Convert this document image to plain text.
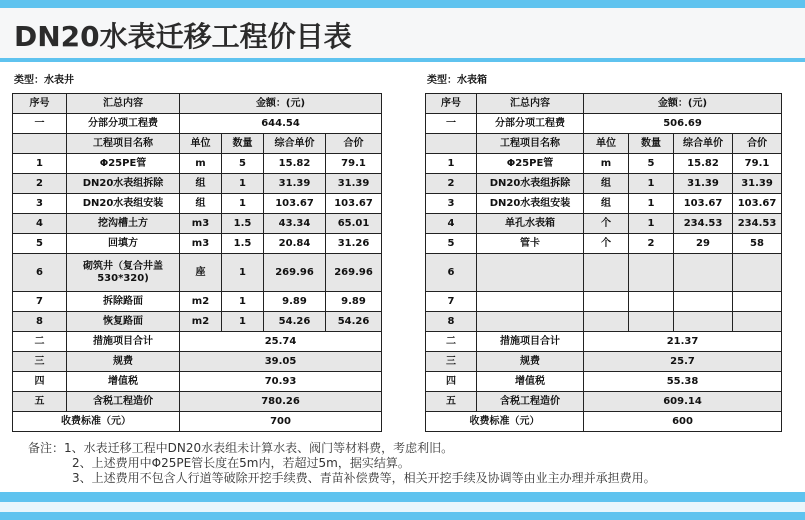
DN20水表迁移工程价目表
类型：水表井	类型：水表箱
序号	汇总内容	金额：(元)			
一	分部分项工程费	644.54			
	工程项目名称	单位	数量	综合单价	合价
1	Φ25PE管	m	5	15.82	79.1
2	DN20水表组拆除	组	1	31.39	31.39
3	DN20水表组安装	组	1	103.67	103.67
4	挖沟槽土方	m3	1.5	43.34	65.01
5	回填方	m3	1.5	20.84	31.26
6	砌筑井（复合井盖530*320)	座	1	269.96	269.96
7	拆除路面	m2	1	9.89	9.89
8	恢复路面	m2	1	54.26	54.26
二	措施项目合计	25.74			
三	规费	39.05			
四	增值税	70.93			
五	含税工程造价	780.26			
收费标准（元）		700			
序号	汇总内容	金额：(元)			
一	分部分项工程费	506.69			
	工程项目名称	单位	数量	综合单价	合价
1	Φ25PE管	m	5	15.82	79.1
2	DN20水表组拆除	组	1	31.39	31.39
3	DN20水表组安装	组	1	103.67	103.67
4	单孔水表箱	个	1	234.53	234.53
5	管卡	个	2	29	58
6					
7					
8					
二	措施项目合计	21.37			
三	规费	25.7			
四	增值税	55.38			
五	含税工程造价	609.14			
收费标准（元）		600			
备注：1、水表迁移工程中DN20水表组未计算水表、阀门等材料费，考虑利旧。
2、上述费用中Φ25PE管长度在5m内，若超过5m，据实结算。
3、上述费用不包含人行道等破除开挖手续费、青苗补偿费等，相关开挖手续及协调等由业主办理并承担费用。
